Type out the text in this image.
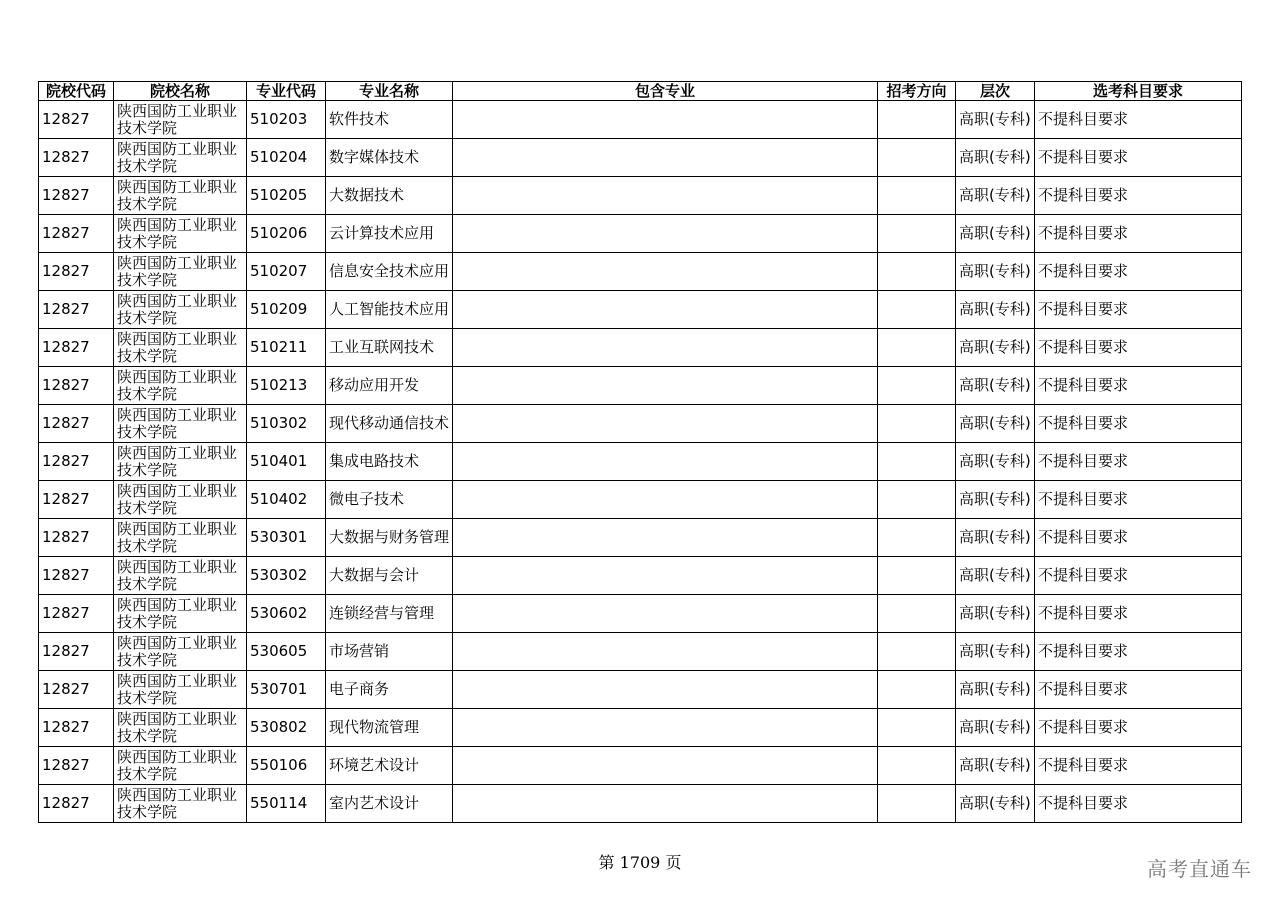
院校代码	院校名称	专业代码	专业名称	包含专业	招考方向	层次	选考科目要求
12827	陕西国防工业职业技术学院	510203	软件技术			高职(专科)	不提科目要求
12827	陕西国防工业职业技术学院	510204	数字媒体技术			高职(专科)	不提科目要求
12827	陕西国防工业职业技术学院	510205	大数据技术			高职(专科)	不提科目要求
12827	陕西国防工业职业技术学院	510206	云计算技术应用			高职(专科)	不提科目要求
12827	陕西国防工业职业技术学院	510207	信息安全技术应用			高职(专科)	不提科目要求
12827	陕西国防工业职业技术学院	510209	人工智能技术应用			高职(专科)	不提科目要求
12827	陕西国防工业职业技术学院	510211	工业互联网技术			高职(专科)	不提科目要求
12827	陕西国防工业职业技术学院	510213	移动应用开发			高职(专科)	不提科目要求
12827	陕西国防工业职业技术学院	510302	现代移动通信技术			高职(专科)	不提科目要求
12827	陕西国防工业职业技术学院	510401	集成电路技术			高职(专科)	不提科目要求
12827	陕西国防工业职业技术学院	510402	微电子技术			高职(专科)	不提科目要求
12827	陕西国防工业职业技术学院	530301	大数据与财务管理			高职(专科)	不提科目要求
12827	陕西国防工业职业技术学院	530302	大数据与会计			高职(专科)	不提科目要求
12827	陕西国防工业职业技术学院	530602	连锁经营与管理			高职(专科)	不提科目要求
12827	陕西国防工业职业技术学院	530605	市场营销			高职(专科)	不提科目要求
12827	陕西国防工业职业技术学院	530701	电子商务			高职(专科)	不提科目要求
12827	陕西国防工业职业技术学院	530802	现代物流管理			高职(专科)	不提科目要求
12827	陕西国防工业职业技术学院	550106	环境艺术设计			高职(专科)	不提科目要求
12827	陕西国防工业职业技术学院	550114	室内艺术设计			高职(专科)	不提科目要求
第 1709 页	高考直通车
